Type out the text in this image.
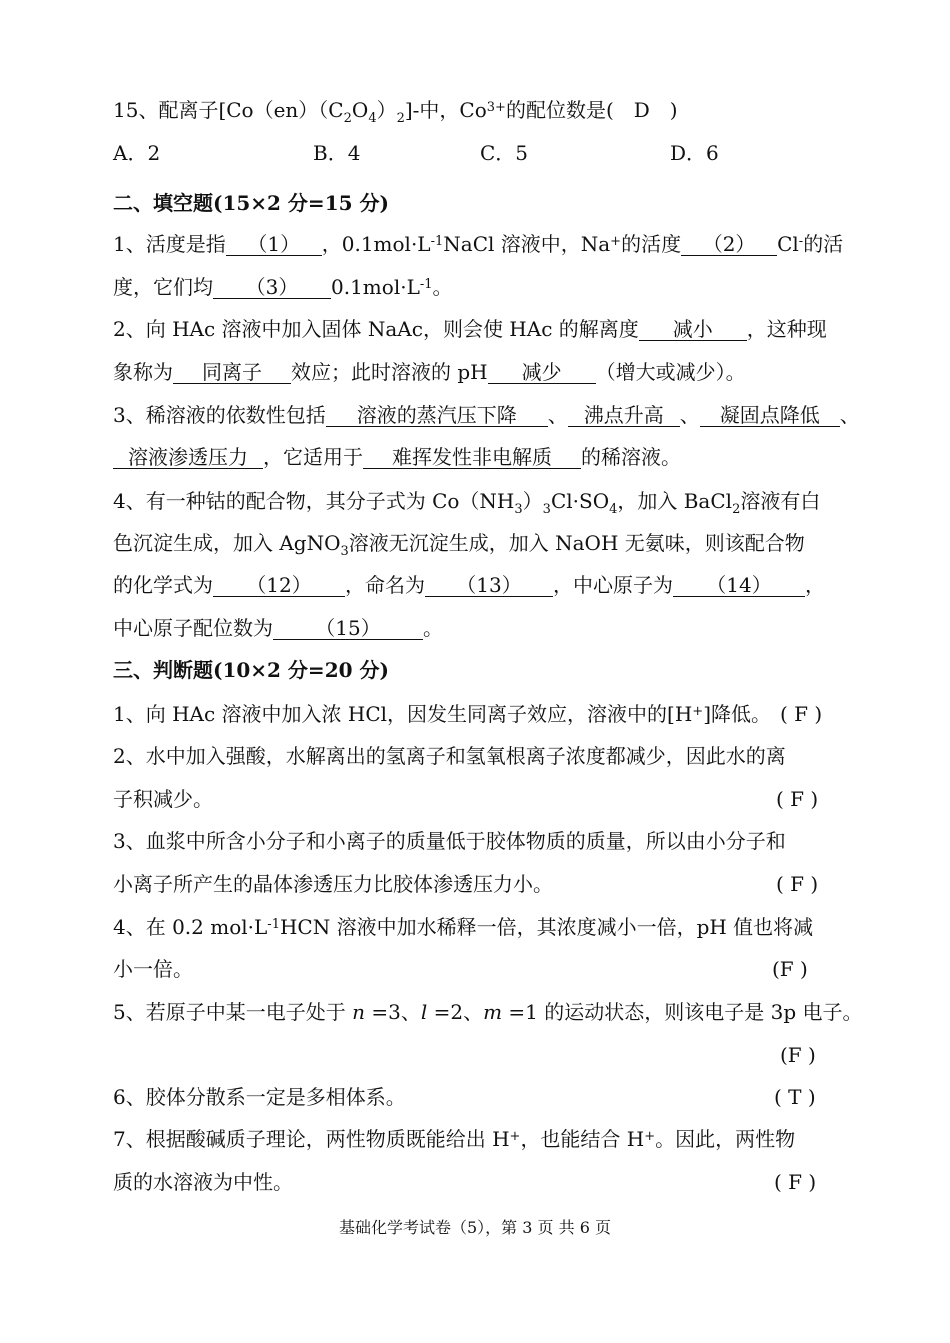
15、配离子$[Co(en)(C_2O_4)_2]-$中，$Co^{3+}$的配位数是( D )
A．2	B．4	C．5	D．6
二、填空题(15×2 分=15 分)
1、活度是指 （1） ，$0.1mol\cdot L^{-1}NaCl$ 溶液中，Na+的活度 （2） Cl-的活
度，它们均 （3） $0.1mol\cdot L^{-1}$。
2、向 HAc 溶液中加入固体 NaAc，则会使 HAc 的解离度 减小 ，这种现
象称为 同离子 效应；此时溶液的 pH 减少 （增大或减少）。
3、稀溶液的依数性包括 溶液的蒸汽压下降 、 沸点升高 、 凝固点降低 、
溶液渗透压力 ，它适用于 难挥发性非电解质 的稀溶液。
4、有一种钴的配合物，其分子式为 $Co(NH_3)_3Cl\cdot SO_4$，加入 BaCl$_2$溶液有白
色沉淀生成，加入 AgNO$_3$溶液无沉淀生成，加入 NaOH 无氨味，则该配合物
的化学式为 （12） ，命名为 （13） ，中心原子为 （14） ，
中心原子配位数为 （15） 。
三、判断题(10×2 分=20 分)
1、向 HAc 溶液中加入浓 HCl，因发生同离子效应，溶液中的[H+]降低。 ( F )
2、水中加入强酸，水解离出的氢离子和氢氧根离子浓度都减少，因此水的离
子积减少。	( F )
3、血浆中所含小分子和小离子的质量低于胶体物质的质量，所以由小分子和
小离子所产生的晶体渗透压力比胶体渗透压力小。	( F )
4、在 0.2 $mol\cdot L^{-1}HCN$ 溶液中加水稀释一倍，其浓度减小一倍，pH 值也将减
小一倍。	(F )
5、若原子中某一电子处于 n =3、l =2、m =1 的运动状态，则该电子是 3p 电子。
(F )
6、胶体分散系一定是多相体系。	( T )
7、根据酸碱质子理论，两性物质既能给出 H+，也能结合 H+。因此，两性物
质的水溶液为中性。	( F )
基础化学考试卷（5），第 3 页 共 6 页
